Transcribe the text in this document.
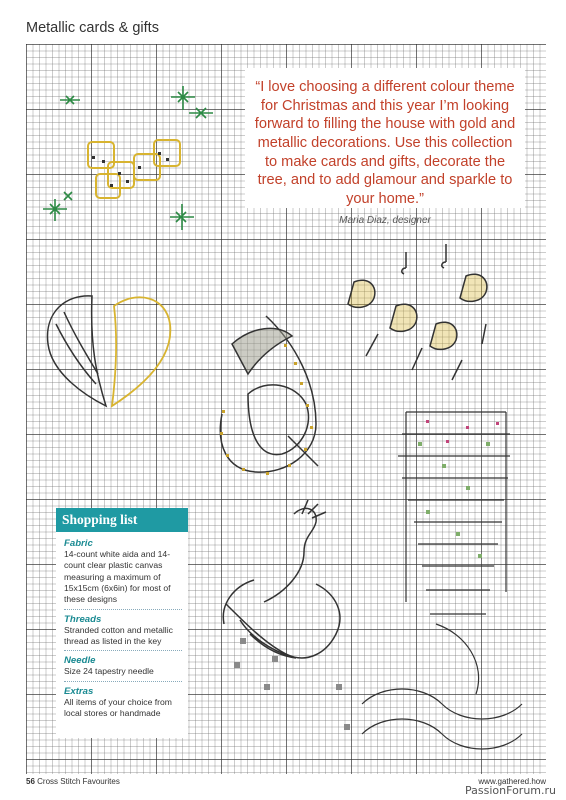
Metallic cards & gifts

“I love choosing a different colour theme for Christmas and this year I’m looking forward to filling the house with gold and metallic decorations. Use this collection to make cards and gifts, decorate the tree, and to add glamour and sparkle to your home.”

Maria Diaz, designer
Shopping list
Fabric
14-count white aida and 14-count clear plastic canvas measuring a maximum of 15x15cm (6x6in) for most of these designs
Threads
Stranded cotton and metallic thread as listed in the key
Needle
Size 24 tapestry needle
Extras
All items of your choice from local stores or handmade
56 Cross Stitch Favourites	www.gathered.how
PassionForum.ru
